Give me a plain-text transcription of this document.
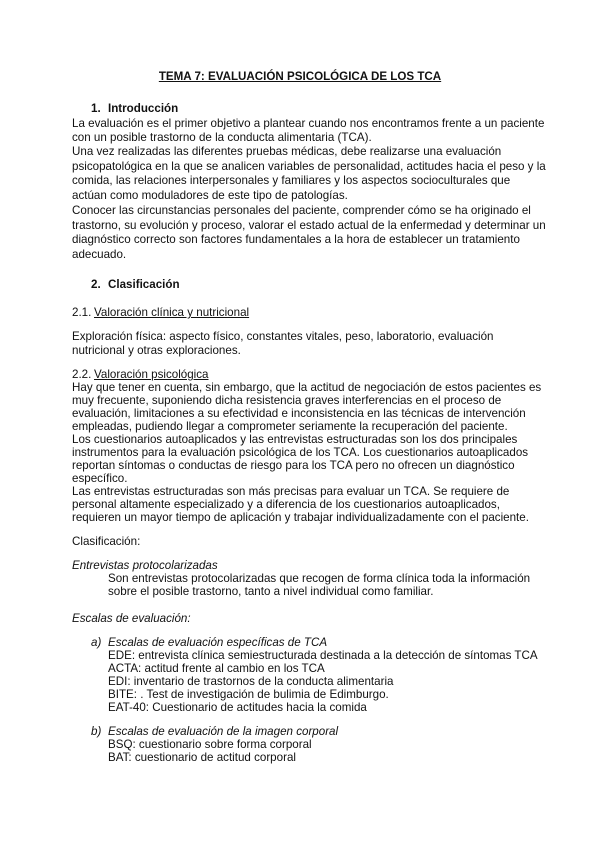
TEMA 7: EVALUACIÓN PSICOLÓGICA DE LOS TCA
1. Introducción
La evaluación es el primer objetivo a plantear cuando nos encontramos frente a un paciente
con un posible trastorno de la conducta alimentaria (TCA).
Una vez realizadas las diferentes pruebas médicas, debe realizarse una evaluación
psicopatológica en la que se analicen variables de personalidad, actitudes hacia el peso y la
comida, las relaciones interpersonales y familiares y los aspectos socioculturales que
actúan como moduladores de este tipo de patologías.
Conocer las circunstancias personales del paciente, comprender cómo se ha originado el
trastorno, su evolución y proceso, valorar el estado actual de la enfermedad y determinar un
diagnóstico correcto son factores fundamentales a la hora de establecer un tratamiento
adecuado.
2. Clasificación
2.1. Valoración clínica y nutricional
Exploración física: aspecto físico, constantes vitales, peso, laboratorio, evaluación
nutricional y otras exploraciones.
2.2. Valoración psicológica
Hay que tener en cuenta, sin embargo, que la actitud de negociación de estos pacientes es
muy frecuente, suponiendo dicha resistencia graves interferencias en el proceso de
evaluación, limitaciones a su efectividad e inconsistencia en las técnicas de intervención
empleadas, pudiendo llegar a comprometer seriamente la recuperación del paciente.
Los cuestionarios autoaplicados y las entrevistas estructuradas son los dos principales
instrumentos para la evaluación psicológica de los TCA. Los cuestionarios autoaplicados
reportan síntomas o conductas de riesgo para los TCA pero no ofrecen un diagnóstico
específico.
Las entrevistas estructuradas son más precisas para evaluar un TCA. Se requiere de
personal altamente especializado y a diferencia de los cuestionarios autoaplicados,
requieren un mayor tiempo de aplicación y trabajar individualizadamente con el paciente.
Clasificación:
Entrevistas protocolarizadas
Son entrevistas protocolarizadas que recogen de forma clínica toda la información
sobre el posible trastorno, tanto a nivel individual como familiar.
Escalas de evaluación:
a) Escalas de evaluación específicas de TCA
EDE: entrevista clínica semiestructurada destinada a la detección de síntomas TCA
ACTA: actitud frente al cambio en los TCA
EDI: inventario de trastornos de la conducta alimentaria
BITE: . Test de investigación de bulimia de Edimburgo.
EAT-40: Cuestionario de actitudes hacia la comida
b) Escalas de evaluación de la imagen corporal
BSQ: cuestionario sobre forma corporal
BAT: cuestionario de actitud corporal
